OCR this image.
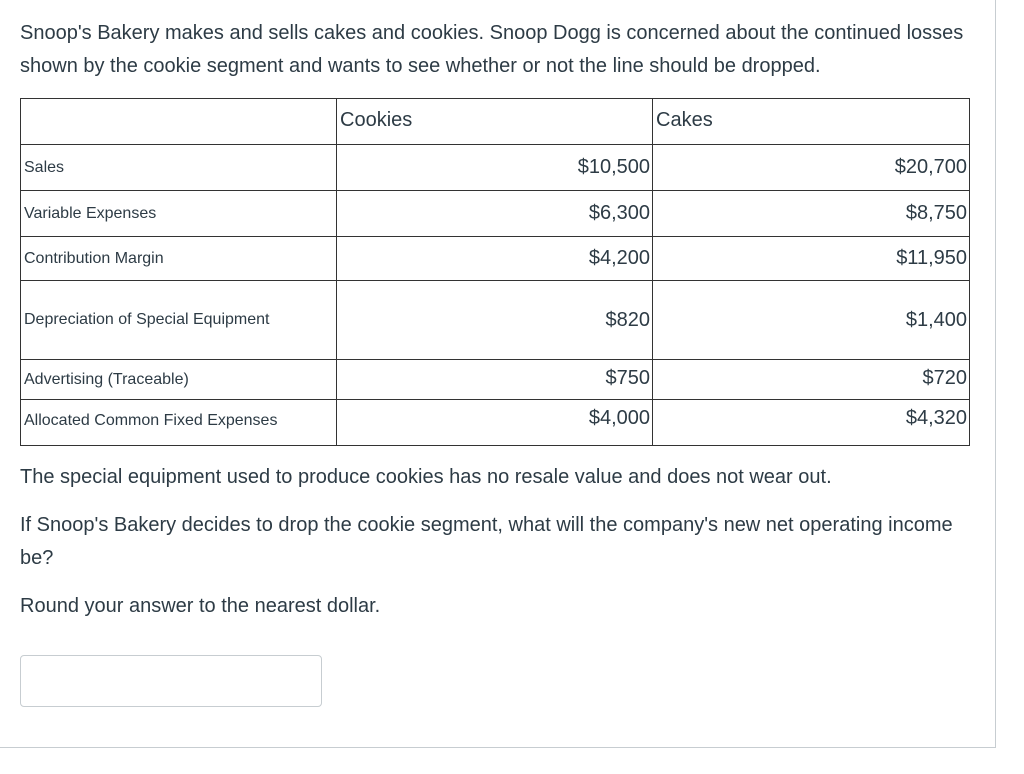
Snoop's Bakery makes and sells cakes and cookies. Snoop Dogg is concerned about the continued losses shown by the cookie segment and wants to see whether or not the line should be dropped.

	Cookies	Cakes
Sales	$10,500	$20,700
Variable Expenses	$6,300	$8,750
Contribution Margin	$4,200	$11,950
Depreciation of Special Equipment	$820	$1,400
Advertising (Traceable)	$750	$720
Allocated Common Fixed Expenses	$4,000	$4,320

The special equipment used to produce cookies has no resale value and does not wear out.

If Snoop's Bakery decides to drop the cookie segment, what will the company's new net operating income be?

Round your answer to the nearest dollar.
